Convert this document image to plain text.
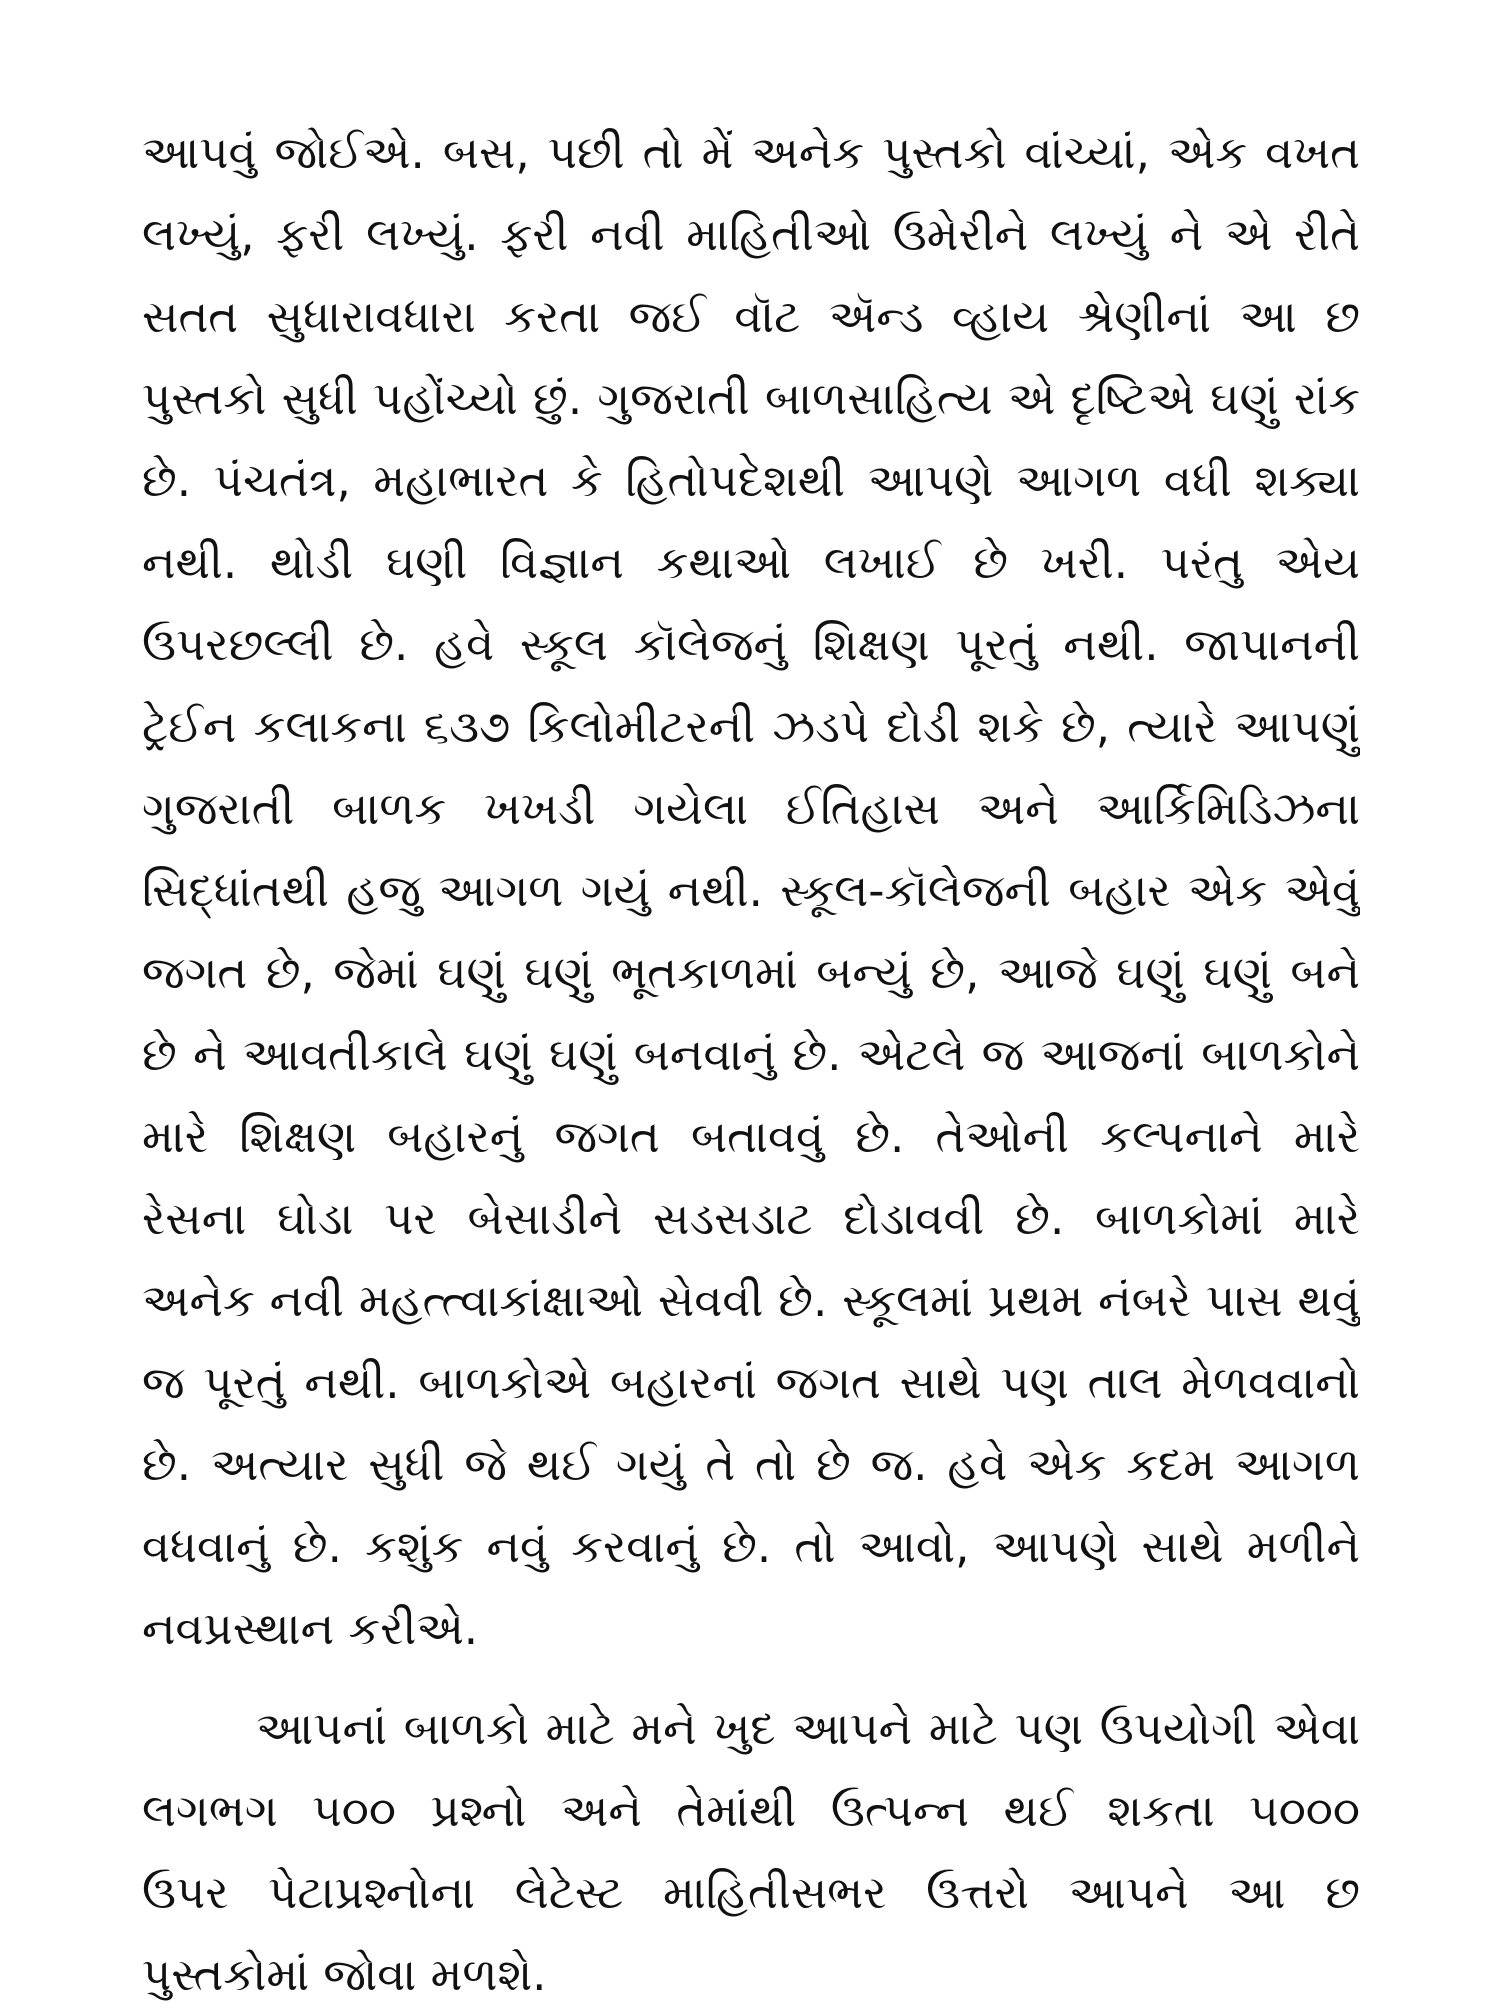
આપવું જોઈએ. બસ, પછી તો મેં અનેક પુસ્તકો વાંચ્યાં, એક વખત
લખ્યું, ફરી લખ્યું. ફરી નવી માહિતીઓ ઉમેરીને લખ્યું ને એ રીતે
સતત સુધારાવધારા કરતા જઈ વૉટ ઍન્ડ વ્હાય શ્રેણીનાં આ છ
પુસ્તકો સુધી પહોંચ્યો છું. ગુજરાતી બાળસાહિત્ય એ દૃષ્ટિએ ઘણું રાંક
છે. પંચતંત્ર, મહાભારત કે હિતોપદેશથી આપણે આગળ વધી શક્યા
નથી. થોડી ઘણી વિજ્ઞાન કથાઓ લખાઈ છે ખરી. પરંતુ એય
ઉપરછલ્લી છે. હવે સ્કૂલ કૉલેજનું શિક્ષણ પૂરતું નથી. જાપાનની
ટ્રેઈન કલાકના ૬૩૭ કિલોમીટરની ઝડપે દોડી શકે છે, ત્યારે આપણું
ગુજરાતી બાળક ખખડી ગયેલા ઈતિહાસ અને આર્કિમિડિઝના
સિદ્ધાંતથી હજુ આગળ ગયું નથી. સ્કૂલ-કૉલેજની બહાર એક એવું
જગત છે, જેમાં ઘણું ઘણું ભૂતકાળમાં બન્યું છે, આજે ઘણું ઘણું બને
છે ને આવતીકાલે ઘણું ઘણું બનવાનું છે. એટલે જ આજનાં બાળકોને
મારે શિક્ષણ બહારનું જગત બતાવવું છે. તેઓની કલ્પનાને મારે
રેસના ઘોડા પર બેસાડીને સડસડાટ દોડાવવી છે. બાળકોમાં મારે
અનેક નવી મહત્ત્વાકાંક્ષાઓ સેવવી છે. સ્કૂલમાં પ્રથમ નંબરે પાસ થવું
જ પૂરતું નથી. બાળકોએ બહારનાં જગત સાથે પણ તાલ મેળવવાનો
છે. અત્યાર સુધી જે થઈ ગયું તે તો છે જ. હવે એક કદમ આગળ
વધવાનું છે. કશુંક નવું કરવાનું છે. તો આવો, આપણે સાથે મળીને
નવપ્રસ્થાન કરીએ.
આપનાં બાળકો માટે મને ખુદ આપને માટે પણ ઉપયોગી એવા
લગભગ ૫૦૦ પ્રશ્નો અને તેમાંથી ઉત્પન્ન થઈ શકતા ૫૦૦૦
ઉપર પેટાપ્રશ્નોના લેટેસ્ટ માહિતીસભર ઉત્તરો આપને આ છ
પુસ્તકોમાં જોવા મળશે.
